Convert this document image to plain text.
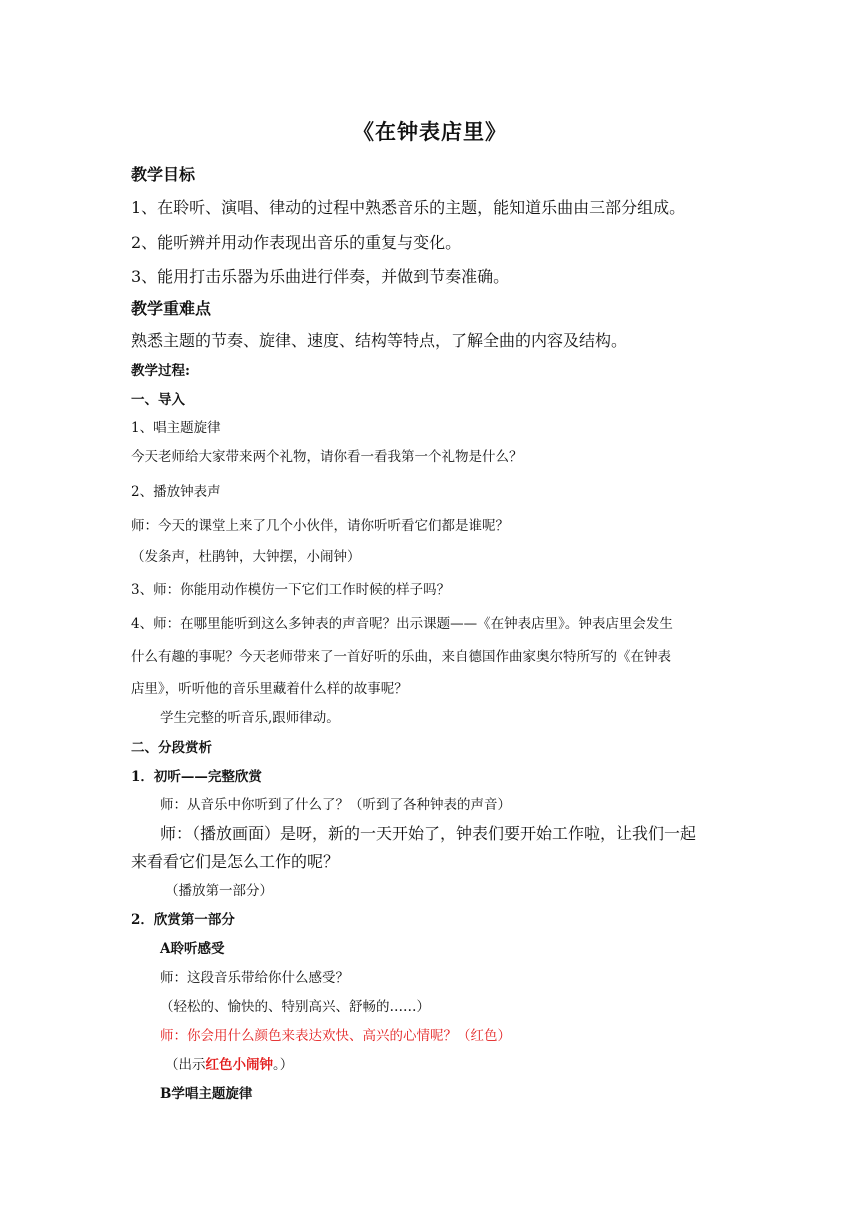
《在钟表店里》
教学目标
1、在聆听、演唱、律动的过程中熟悉音乐的主题，能知道乐曲由三部分组成。
2、能听辨并用动作表现出音乐的重复与变化。
3、能用打击乐器为乐曲进行伴奏，并做到节奏准确。
教学重难点
熟悉主题的节奏、旋律、速度、结构等特点，了解全曲的内容及结构。
教学过程:
一、导入
1、唱主题旋律
今天老师给大家带来两个礼物，请你看一看我第一个礼物是什么？
2、播放钟表声
师：今天的课堂上来了几个小伙伴，请你听听看它们都是谁呢？
（发条声，杜鹃钟，大钟摆，小闹钟）
3、师：你能用动作模仿一下它们工作时候的样子吗？
4、师：在哪里能听到这么多钟表的声音呢？出示课题——《在钟表店里》。钟表店里会发生
什么有趣的事呢？今天老师带来了一首好听的乐曲，来自德国作曲家奥尔特所写的《在钟表
店里》，听听他的音乐里藏着什么样的故事呢？
学生完整的听音乐,跟师律动。
二、分段赏析
1．初听——完整欣赏
师：从音乐中你听到了什么了？（听到了各种钟表的声音）
师：（播放画面）是呀，新的一天开始了，钟表们要开始工作啦，让我们一起
来看看它们是怎么工作的呢？
（播放第一部分）
2．欣赏第一部分
A聆听感受
师：这段音乐带给你什么感受？
（轻松的、愉快的、特别高兴、舒畅的……）
师：你会用什么颜色来表达欢快、高兴的心情呢？（红色）
（出示红色小闹钟。）
B学唱主题旋律
